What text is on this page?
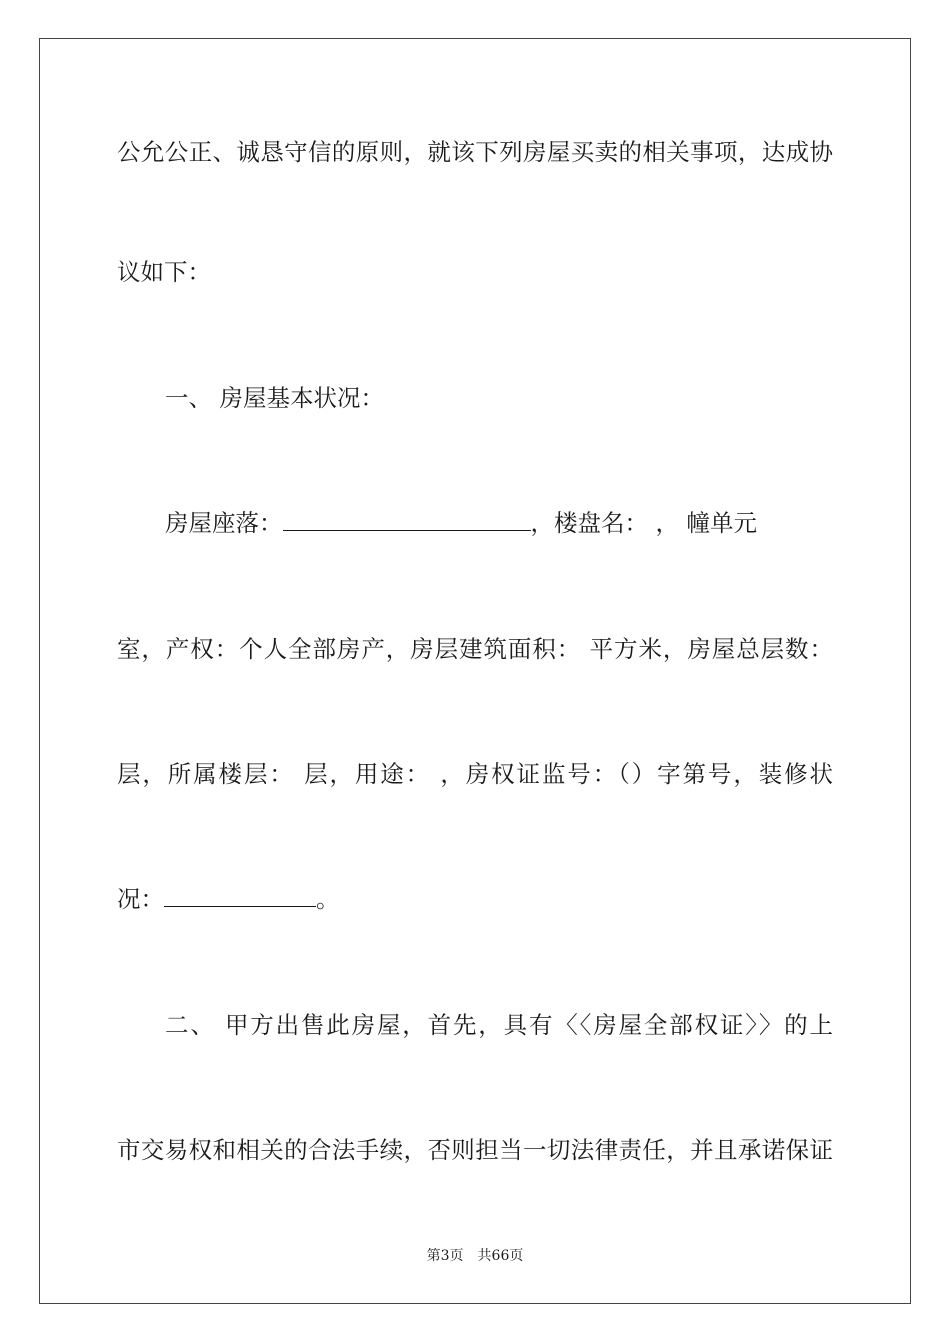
公允公正、诚恳守信的原则，就该下列房屋买卖的相关事项，达成协
议如下：
一、 房屋基本状况：
房屋座落：	，楼盘名： ， 幢单元
室，产权：个人全部房产，房层建筑面积： 平方米，房屋总层数：
层，所属楼层： 层，用途： ，房权证监号：（）字第号，装修状
况：	。
二、 甲方出售此房屋，首先，具有〈〈房屋全部权证〉〉的上
市交易权和相关的合法手续，否则担当一切法律责任，并且承诺保证
第3页 共66页
